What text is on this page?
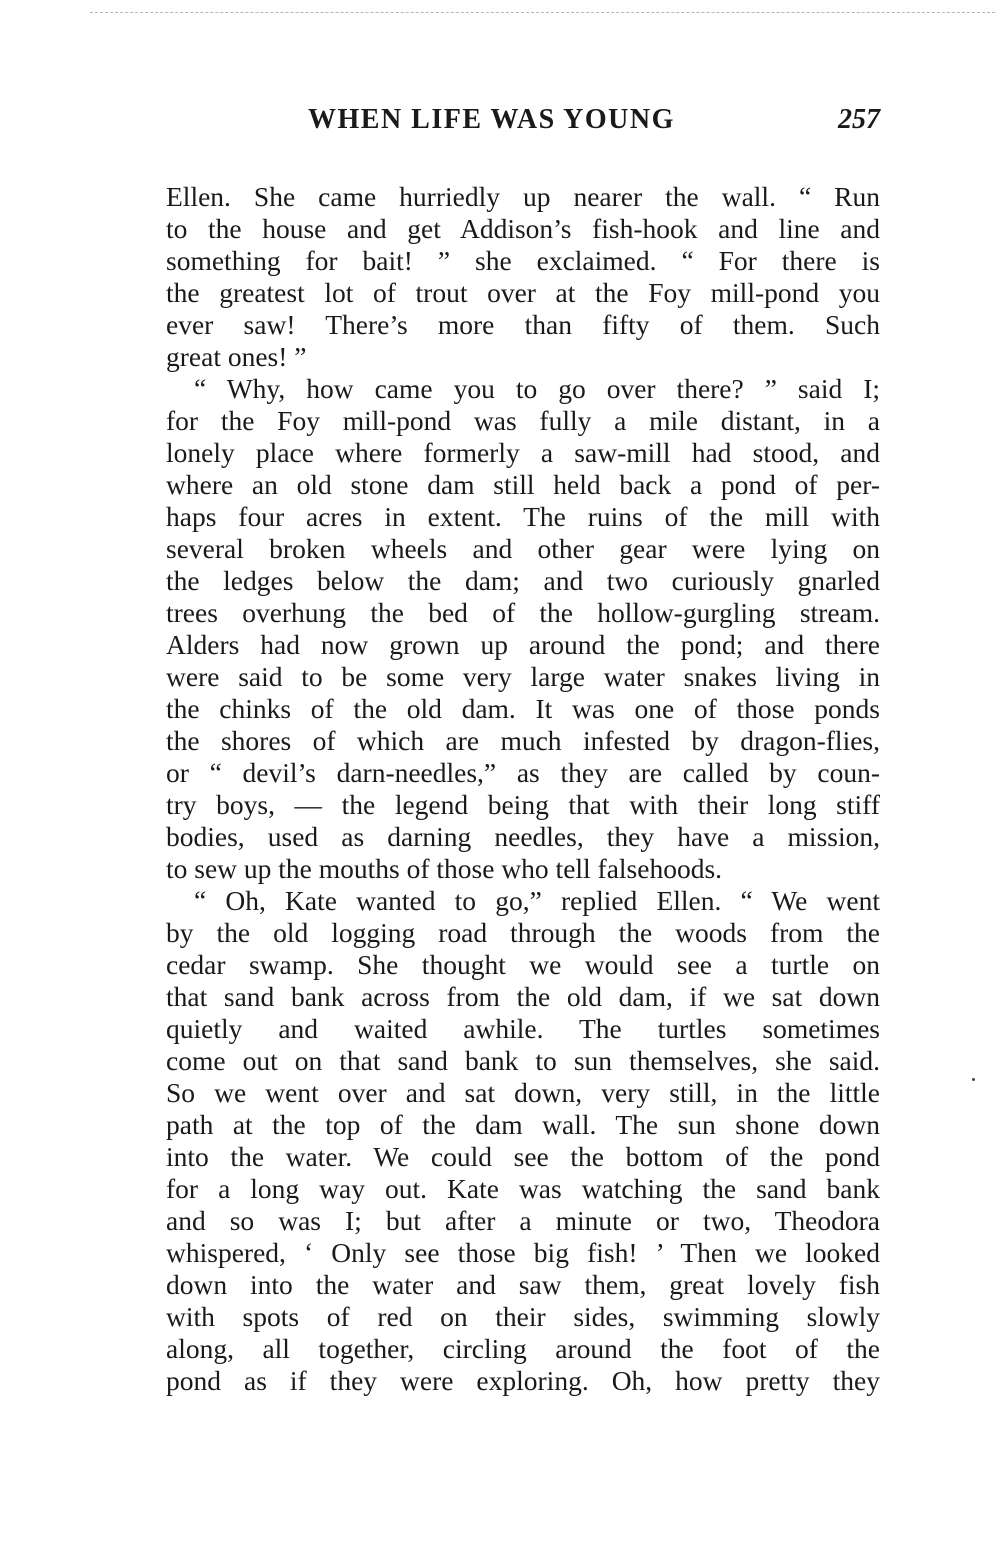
WHEN LIFE WAS YOUNG	257
Ellen. She came hurriedly up nearer the wall. “ Run
to the house and get Addison’s fish-hook and line and
something for bait! ” she exclaimed. “ For there is
the greatest lot of trout over at the Foy mill-pond you
ever saw! There’s more than fifty of them. Such
great ones! ”
“ Why, how came you to go over there? ” said I;
for the Foy mill-pond was fully a mile distant, in a
lonely place where formerly a saw-mill had stood, and
where an old stone dam still held back a pond of per-
haps four acres in extent. The ruins of the mill with
several broken wheels and other gear were lying on
the ledges below the dam; and two curiously gnarled
trees overhung the bed of the hollow-gurgling stream.
Alders had now grown up around the pond; and there
were said to be some very large water snakes living in
the chinks of the old dam. It was one of those ponds
the shores of which are much infested by dragon-flies,
or “ devil’s darn-needles,” as they are called by coun-
try boys, — the legend being that with their long stiff
bodies, used as darning needles, they have a mission,
to sew up the mouths of those who tell falsehoods.
“ Oh, Kate wanted to go,” replied Ellen. “ We went
by the old logging road through the woods from the
cedar swamp. She thought we would see a turtle on
that sand bank across from the old dam, if we sat down
quietly and waited awhile. The turtles sometimes
come out on that sand bank to sun themselves, she said.
So we went over and sat down, very still, in the little
path at the top of the dam wall. The sun shone down
into the water. We could see the bottom of the pond
for a long way out. Kate was watching the sand bank
and so was I; but after a minute or two, Theodora
whispered, ‘ Only see those big fish! ’ Then we looked
down into the water and saw them, great lovely fish
with spots of red on their sides, swimming slowly
along, all together, circling around the foot of the
pond as if they were exploring. Oh, how pretty they
